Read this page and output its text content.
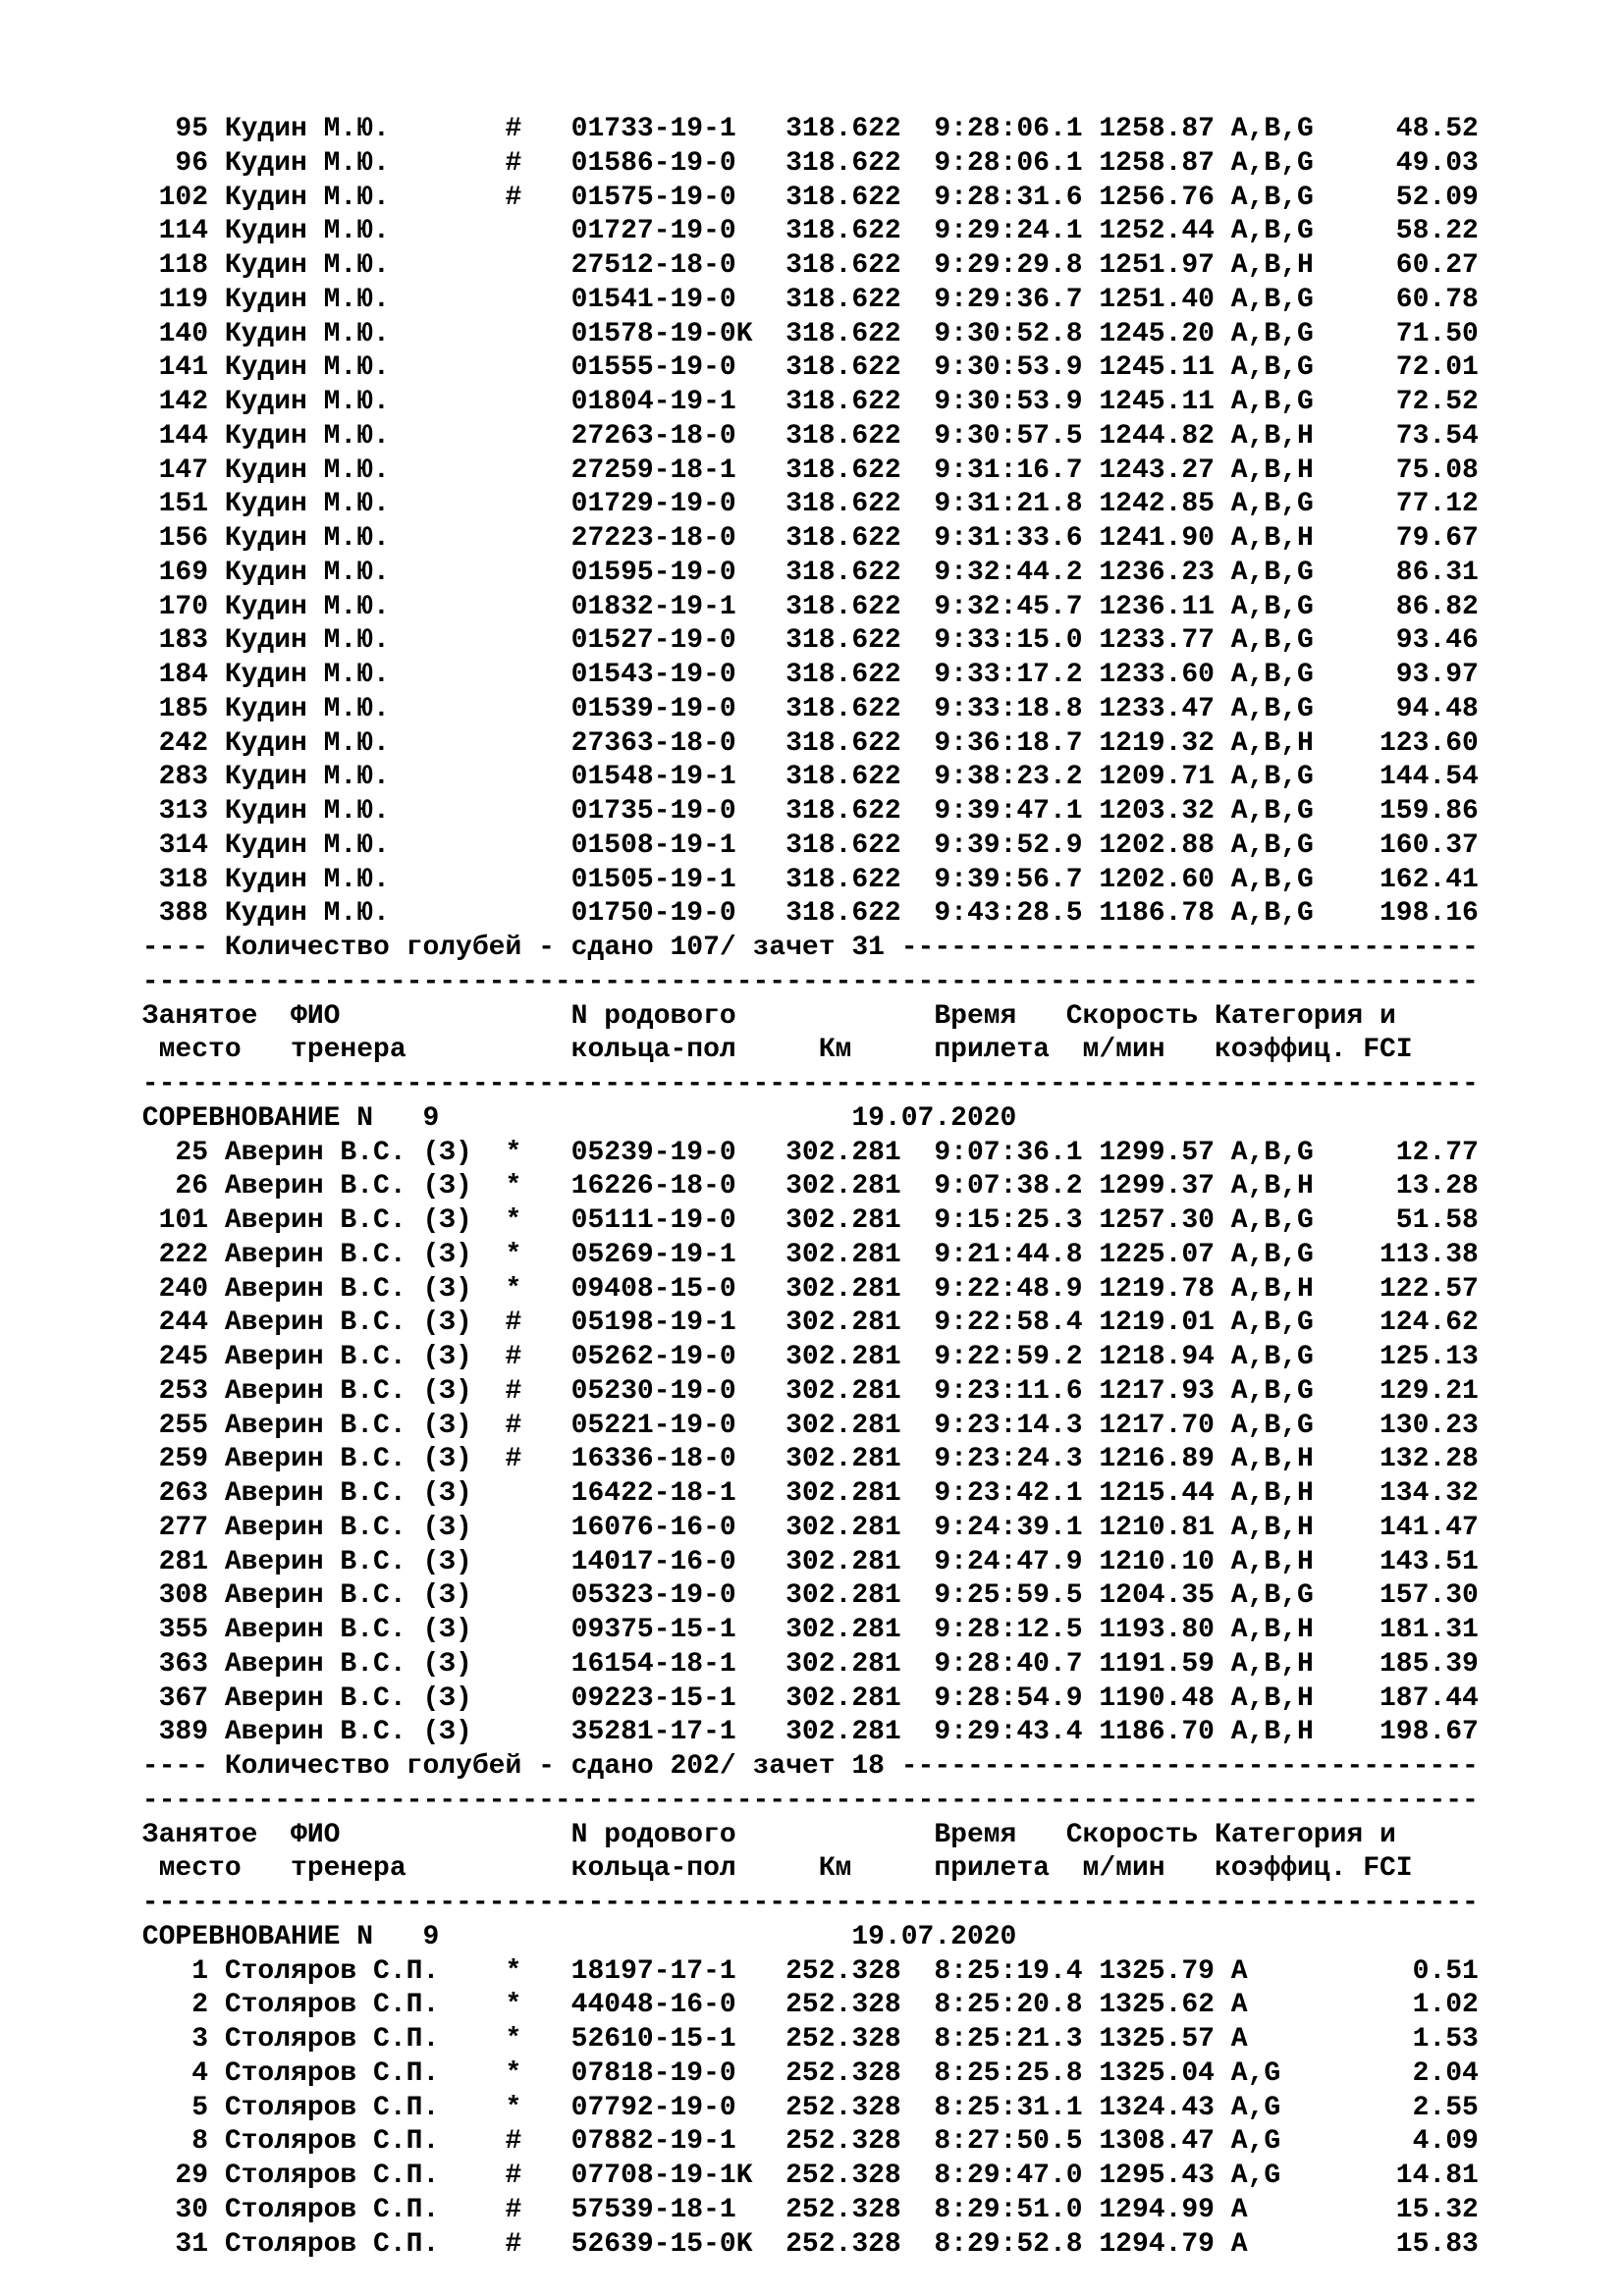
95 Кудин М.Ю.       #   01733-19-1   318.622  9:28:06.1 1258.87 A,B,G     48.52
96 Кудин М.Ю.       #   01586-19-0   318.622  9:28:06.1 1258.87 A,B,G     49.03
102 Кудин М.Ю.       #   01575-19-0   318.622  9:28:31.6 1256.76 A,B,G     52.09
114 Кудин М.Ю.           01727-19-0   318.622  9:29:24.1 1252.44 A,B,G     58.22
118 Кудин М.Ю.           27512-18-0   318.622  9:29:29.8 1251.97 A,B,H     60.27
119 Кудин М.Ю.           01541-19-0   318.622  9:29:36.7 1251.40 A,B,G     60.78
140 Кудин М.Ю.           01578-19-0K  318.622  9:30:52.8 1245.20 A,B,G     71.50
141 Кудин М.Ю.           01555-19-0   318.622  9:30:53.9 1245.11 A,B,G     72.01
142 Кудин М.Ю.           01804-19-1   318.622  9:30:53.9 1245.11 A,B,G     72.52
144 Кудин М.Ю.           27263-18-0   318.622  9:30:57.5 1244.82 A,B,H     73.54
147 Кудин М.Ю.           27259-18-1   318.622  9:31:16.7 1243.27 A,B,H     75.08
151 Кудин М.Ю.           01729-19-0   318.622  9:31:21.8 1242.85 A,B,G     77.12
156 Кудин М.Ю.           27223-18-0   318.622  9:31:33.6 1241.90 A,B,H     79.67
169 Кудин М.Ю.           01595-19-0   318.622  9:32:44.2 1236.23 A,B,G     86.31
170 Кудин М.Ю.           01832-19-1   318.622  9:32:45.7 1236.11 A,B,G     86.82
183 Кудин М.Ю.           01527-19-0   318.622  9:33:15.0 1233.77 A,B,G     93.46
184 Кудин М.Ю.           01543-19-0   318.622  9:33:17.2 1233.60 A,B,G     93.97
185 Кудин М.Ю.           01539-19-0   318.622  9:33:18.8 1233.47 A,B,G     94.48
242 Кудин М.Ю.           27363-18-0   318.622  9:36:18.7 1219.32 A,B,H    123.60
283 Кудин М.Ю.           01548-19-1   318.622  9:38:23.2 1209.71 A,B,G    144.54
313 Кудин М.Ю.           01735-19-0   318.622  9:39:47.1 1203.32 A,B,G    159.86
314 Кудин М.Ю.           01508-19-1   318.622  9:39:52.9 1202.88 A,B,G    160.37
318 Кудин М.Ю.           01505-19-1   318.622  9:39:56.7 1202.60 A,B,G    162.41
388 Кудин М.Ю.           01750-19-0   318.622  9:43:28.5 1186.78 A,B,G    198.16
---- Количество голубей - сдано 107/ зачет 31 -----------------------------------
---------------------------------------------------------------------------------
Занятое  ФИО              N родового            Время   Скорость Категория и
место   тренера          кольца-пол     Км     прилета  м/мин   коэффиц. FCI
---------------------------------------------------------------------------------
СОРЕВНОВАНИЕ N   9                         19.07.2020
25 Аверин В.С. (З)  *   05239-19-0   302.281  9:07:36.1 1299.57 A,B,G     12.77
26 Аверин В.С. (З)  *   16226-18-0   302.281  9:07:38.2 1299.37 A,B,H     13.28
101 Аверин В.С. (З)  *   05111-19-0   302.281  9:15:25.3 1257.30 A,B,G     51.58
222 Аверин В.С. (З)  *   05269-19-1   302.281  9:21:44.8 1225.07 A,B,G    113.38
240 Аверин В.С. (З)  *   09408-15-0   302.281  9:22:48.9 1219.78 A,B,H    122.57
244 Аверин В.С. (З)  #   05198-19-1   302.281  9:22:58.4 1219.01 A,B,G    124.62
245 Аверин В.С. (З)  #   05262-19-0   302.281  9:22:59.2 1218.94 A,B,G    125.13
253 Аверин В.С. (З)  #   05230-19-0   302.281  9:23:11.6 1217.93 A,B,G    129.21
255 Аверин В.С. (З)  #   05221-19-0   302.281  9:23:14.3 1217.70 A,B,G    130.23
259 Аверин В.С. (З)  #   16336-18-0   302.281  9:23:24.3 1216.89 A,B,H    132.28
263 Аверин В.С. (З)      16422-18-1   302.281  9:23:42.1 1215.44 A,B,H    134.32
277 Аверин В.С. (З)      16076-16-0   302.281  9:24:39.1 1210.81 A,B,H    141.47
281 Аверин В.С. (З)      14017-16-0   302.281  9:24:47.9 1210.10 A,B,H    143.51
308 Аверин В.С. (З)      05323-19-0   302.281  9:25:59.5 1204.35 A,B,G    157.30
355 Аверин В.С. (З)      09375-15-1   302.281  9:28:12.5 1193.80 A,B,H    181.31
363 Аверин В.С. (З)      16154-18-1   302.281  9:28:40.7 1191.59 A,B,H    185.39
367 Аверин В.С. (З)      09223-15-1   302.281  9:28:54.9 1190.48 A,B,H    187.44
389 Аверин В.С. (З)      35281-17-1   302.281  9:29:43.4 1186.70 A,B,H    198.67
---- Количество голубей - сдано 202/ зачет 18 -----------------------------------
---------------------------------------------------------------------------------
Занятое  ФИО              N родового            Время   Скорость Категория и
место   тренера          кольца-пол     Км     прилета  м/мин   коэффиц. FCI
---------------------------------------------------------------------------------
СОРЕВНОВАНИЕ N   9                         19.07.2020
1 Столяров С.П.    *   18197-17-1   252.328  8:25:19.4 1325.79 A          0.51
2 Столяров С.П.    *   44048-16-0   252.328  8:25:20.8 1325.62 A          1.02
3 Столяров С.П.    *   52610-15-1   252.328  8:25:21.3 1325.57 A          1.53
4 Столяров С.П.    *   07818-19-0   252.328  8:25:25.8 1325.04 A,G        2.04
5 Столяров С.П.    *   07792-19-0   252.328  8:25:31.1 1324.43 A,G        2.55
8 Столяров С.П.    #   07882-19-1   252.328  8:27:50.5 1308.47 A,G        4.09
29 Столяров С.П.    #   07708-19-1K  252.328  8:29:47.0 1295.43 A,G       14.81
30 Столяров С.П.    #   57539-18-1   252.328  8:29:51.0 1294.99 A         15.32
31 Столяров С.П.    #   52639-15-0K  252.328  8:29:52.8 1294.79 A         15.83
